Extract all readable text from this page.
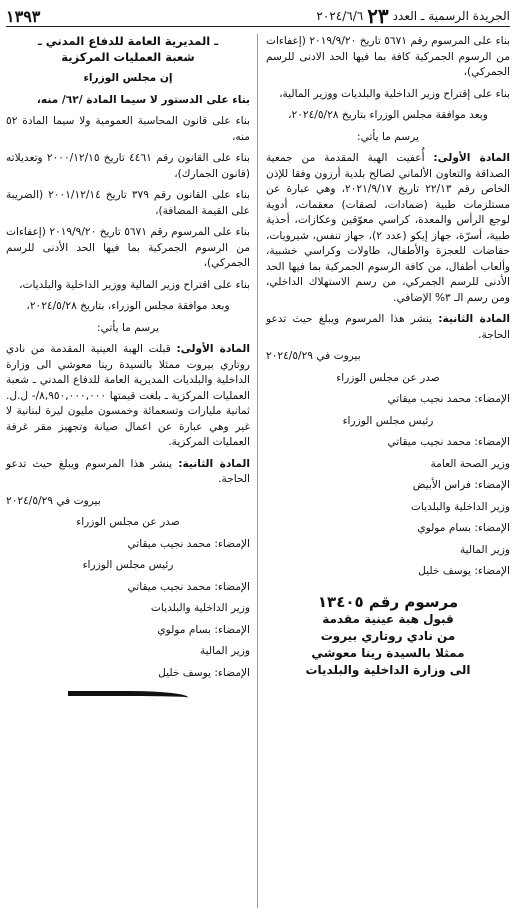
الجريدة الرسمية ـ العدد
٢٣
٢٠٢٤/٦/٦
١٣٩٣

بناء على المرسوم رقم ٥٦٧١ تاريخ ٢٠١٩/٩/٢٠ (إعفاءات من الرسوم الجمركية كافة بما فيها الحد الادنى للرسم الجمركي)،

بناء على إقتراح وزير الداخلية والبلديات ووزير المالية،

وبعد موافقة مجلس الوزراء بتاريخ ٢٠٢٤/٥/٢٨،

يرسم ما يأتي:

المادة الأولى: أُعفيت الهبة المقدمة من جمعية الصداقة والتعاون الألماني لصالح بلدية أرزون وفقا للإذن الخاص رقم ٢٢/١٣ تاريخ ٢٠٢١/٩/١٧، وهي عبارة عن مستلزمات طبية (ضمادات، لصقات) معقمات، أدوية لوجع الرأس والمعدة، كراسي معوّقين وعكازات، أحذية طبية، أسرّة، جهاز إيكو (عدد ٢)، جهاز تنفس، شيرويات، حفاضات للعجزة والأطفال، طاولات وكراسي خشبية، وألعاب أطفال، من كافة الرسوم الجمركية بما فيها الحد الأدنى للرسم الجمركي، من رسم الاستهلاك الداخلي، ومن رسم الـ ٣% الإضافي.

المادة الثانية: ينشر هذا المرسوم ويبلغ حيث تدعو الحاجة.

بيروت في ٢٠٢٤/٥/٢٩

صدر عن مجلس الوزراء

الإمضاء: محمد نجيب ميقاتي

رئيس مجلس الوزراء

الإمضاء: محمد نجيب ميقاتي

وزير الصحة العامة

الإمضاء: فراس الأبيض

وزير الداخلية والبلديات

الإمضاء: بسام مولوي

وزير المالية

الإمضاء: يوسف خليل

مرسوم رقم ١٣٤٠٥
قبول هبة عينية مقدمة
من نادي روتاري بيروت
ممثلا بالسيدة رينا معوشي
الى وزارة الداخلية والبلديات
ـ المديرية العامة للدفاع المدني ـ
شعبة العمليات المركزية

إن مجلس الوزراء

بناء على الدستور لا سيما المادة /٦٢/ منه،

بناء على قانون المحاسبة العمومية ولا سيما المادة ٥٢ منه،

بناء على القانون رقم ٤٤٦١ تاريخ ٢٠٠٠/١٢/١٥ وتعديلاته (قانون الجمارك)،

بناء على القانون رقم ٣٧٩ تاريخ ٢٠٠١/١٢/١٤ (الضريبة على القيمة المضافة)،

بناء على المرسوم رقم ٥٦٧١ تاريخ ٢٠١٩/٩/٢٠ (إعفاءات من الرسوم الجمركية بما فيها الحد الأدنى للرسم الجمركي)،

بناء على اقتراح وزير المالية ووزير الداخلية والبلديات،

وبعد موافقة مجلس الوزراء، بتاريخ ٢٠٢٤/٥/٢٨،

يرسم ما يأتي:

المادة الأولى: قبلت الهبة العينية المقدمة من نادي روتاري بيروت ممثلا بالسيدة رينا معوشي الى وزارة الداخلية والبلديات المديرية العامة للدفاع المدني ـ شعبة العمليات المركزية ـ بلغت قيمتها ٨,٩٥٠,٠٠٠,٠٠٠/- ل.ل. ثمانية مليارات وتسعمائة وخمسون مليون ليرة لبنانية لا غير وهي عبارة عن اعمال صيانة وتجهيز مقر غرفة العمليات المركزية.

المادة الثانية: ينشر هذا المرسوم ويبلغ حيث تدعو الحاجة.

بيروت في ٢٠٢٤/٥/٢٩

صدر عن مجلس الوزراء

الإمضاء: محمد نجيب ميقاتي

رئيس مجلس الوزراء

الإمضاء: محمد نجيب ميقاتي

وزير الداخلية والبلديات

الإمضاء: بسام مولوي

وزير المالية

الإمضاء: يوسف خليل
